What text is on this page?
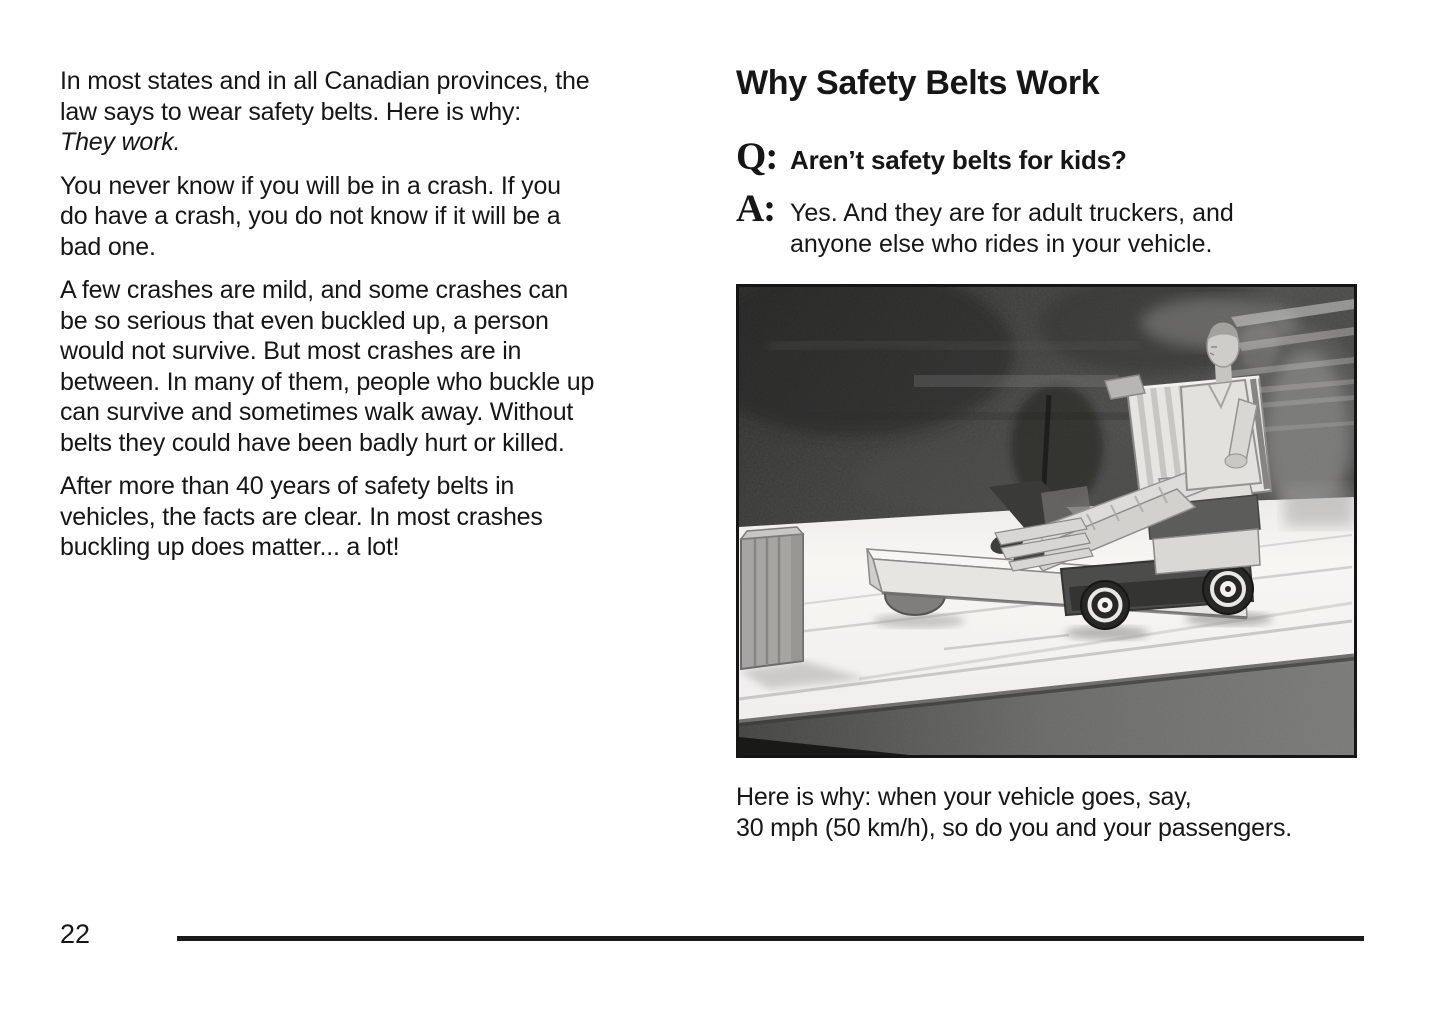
In most states and in all Canadian provinces, the
law says to wear safety belts. Here is why:
They work.

You never know if you will be in a crash. If you
do have a crash, you do not know if it will be a
bad one.

A few crashes are mild, and some crashes can
be so serious that even buckled up, a person
would not survive. But most crashes are in
between. In many of them, people who buckle up
can survive and sometimes walk away. Without
belts they could have been badly hurt or killed.

After more than 40 years of safety belts in
vehicles, the facts are clear. In most crashes
buckling up does matter... a lot!

Why Safety Belts Work
Q: Aren’t safety belts for kids?
A: Yes. And they are for adult truckers, and
anyone else who rides in your vehicle.
Here is why: when your vehicle goes, say,
30 mph (50 km/h), so do you and your passengers.
22
